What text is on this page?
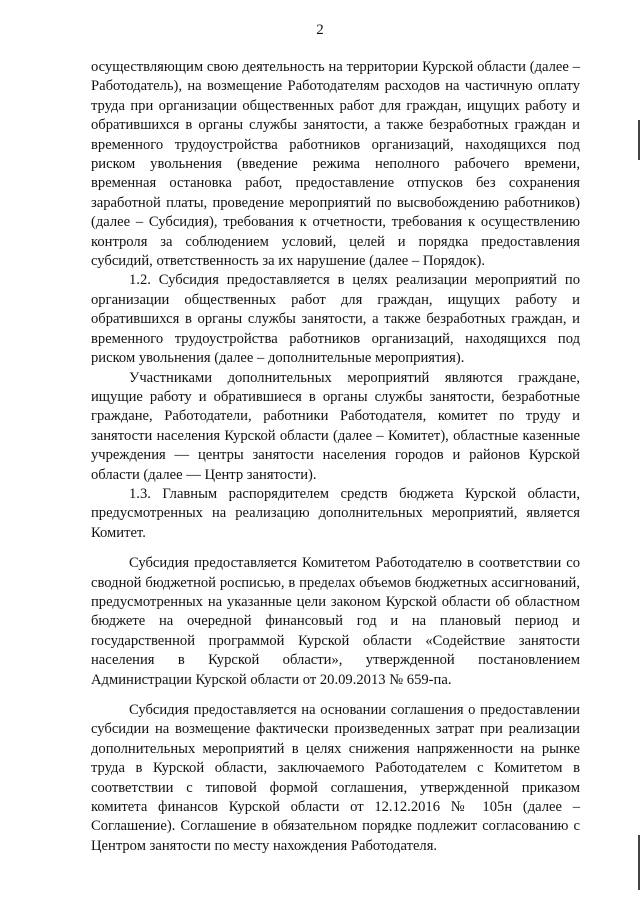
2

осуществляющим свою деятельность на территории Курской области (далее – Работодатель), на возмещение Работодателям расходов на частичную оплату труда при организации общественных работ для граждан, ищущих работу и обратившихся в органы службы занятости, а также безработных граждан и временного трудоустройства работников организаций, находящихся под риском увольнения (введение режима неполного рабочего времени, временная остановка работ, предоставление отпусков без сохранения заработной платы, проведение мероприятий по высвобождению работников) (далее – Субсидия), требования к отчетности, требования к осуществлению контроля за соблюдением условий, целей и порядка предоставления субсидий, ответственность за их нарушение (далее – Порядок).

1.2. Субсидия предоставляется в целях реализации мероприятий по организации общественных работ для граждан, ищущих работу и обратившихся в органы службы занятости, а также безработных граждан, и временного трудоустройства работников организаций, находящихся под риском увольнения (далее – дополнительные мероприятия).

Участниками дополнительных мероприятий являются граждане, ищущие работу и обратившиеся в органы службы занятости, безработные граждане, Работодатели, работники Работодателя, комитет по труду и занятости населения Курской области (далее – Комитет), областные казенные учреждения — центры занятости населения городов и районов Курской области (далее — Центр занятости).

1.3. Главным распорядителем средств бюджета Курской области, предусмотренных на реализацию дополнительных мероприятий, является Комитет.

Субсидия предоставляется Комитетом Работодателю в соответствии со сводной бюджетной росписью, в пределах объемов бюджетных ассигнований, предусмотренных на указанные цели законом Курской области об областном бюджете на очередной финансовый год и на плановый период и государственной программой Курской области «Содействие занятости населения в Курской области», утвержденной постановлением Администрации Курской области от 20.09.2013 № 659-па.

Субсидия предоставляется на основании соглашения о предоставлении субсидии на возмещение фактически произведенных затрат при реализации дополнительных мероприятий в целях снижения напряженности на рынке труда в Курской области, заключаемого Работодателем с Комитетом в соответствии с типовой формой соглашения, утвержденной приказом комитета финансов Курской области от 12.12.2016 № 105н (далее – Соглашение). Соглашение в обязательном порядке подлежит согласованию с Центром занятости по месту нахождения Работодателя.
